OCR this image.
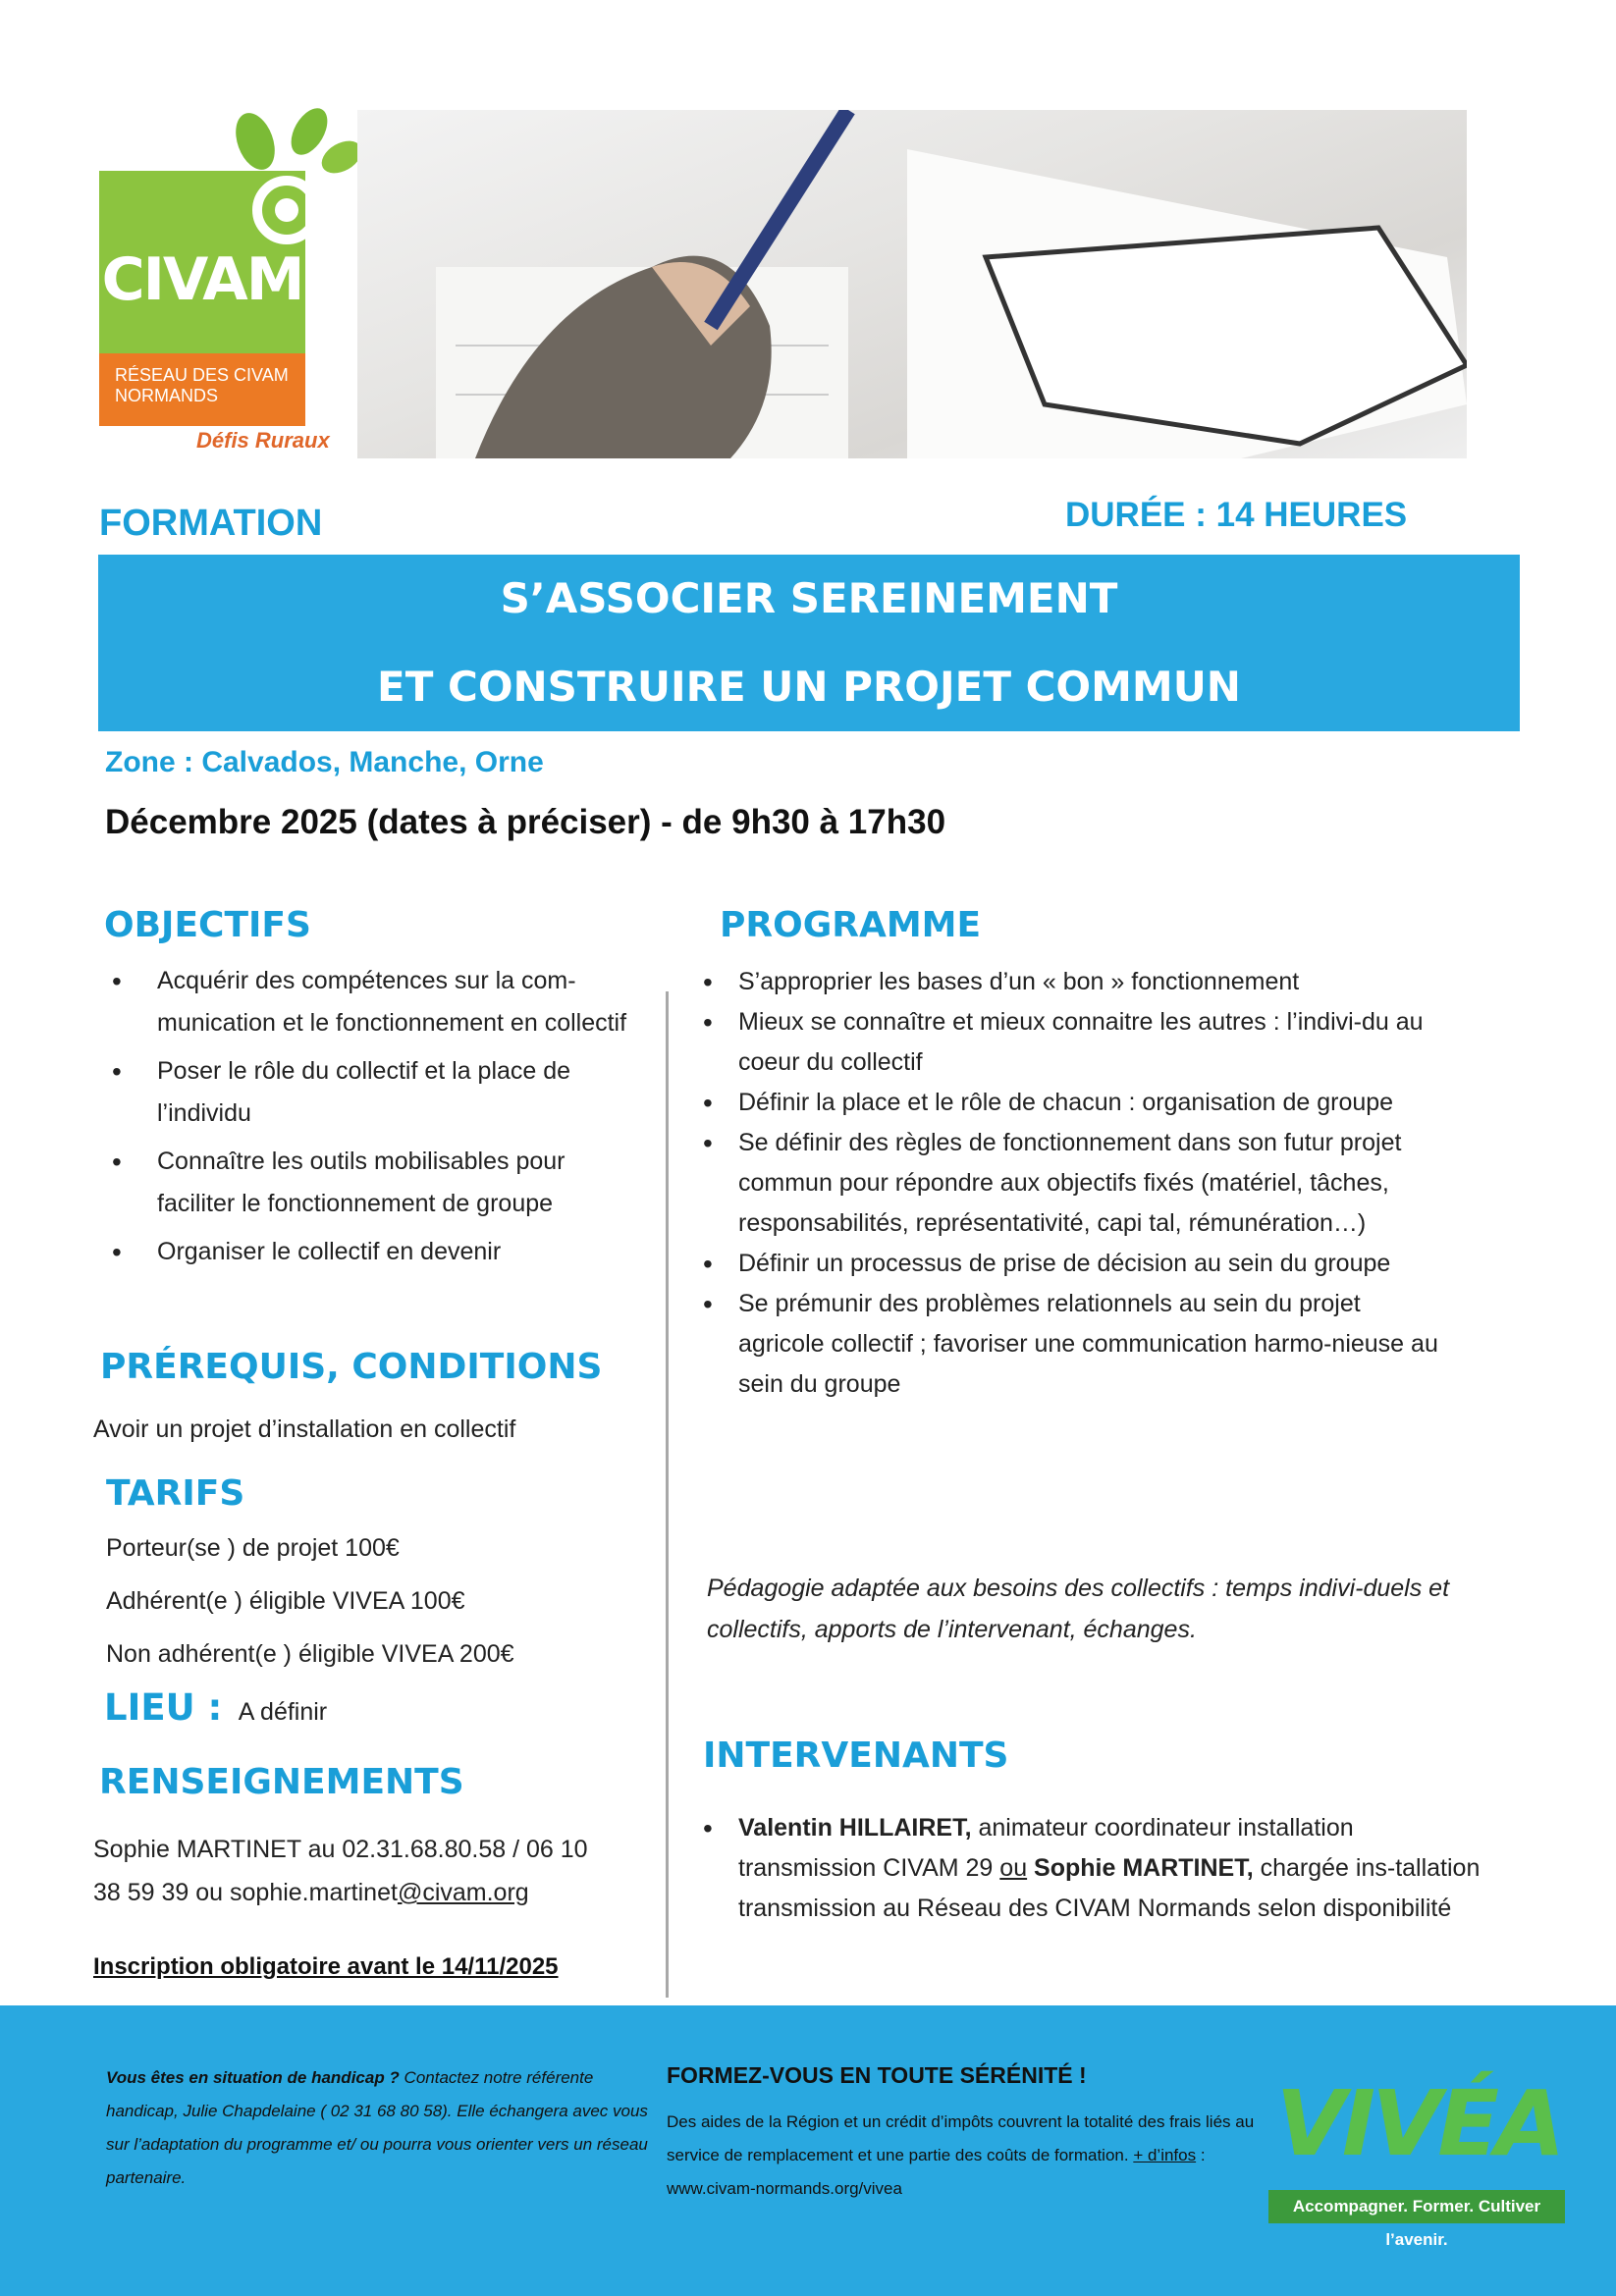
CIVAM
RÉSEAU DES CIVAM
NORMANDS
Défis Ruraux
FORMATION	DURÉE : 14 HEURES
S’ASSOCIER SEREINEMENT
ET CONSTRUIRE UN PROJET COMMUN
Zone : Calvados, Manche, Orne
Décembre 2025 (dates à préciser) - de 9h30 à 17h30
OBJECTIFS
• Acquérir des compétences sur la com-munication et le fonctionnement en collectif
• Poser le rôle du collectif et la place de l’individu
• Connaître les outils mobilisables pour faciliter le fonctionnement de groupe
• Organiser le collectif en devenir
PRÉREQUIS, CONDITIONS
Avoir un projet d’installation en collectif
TARIFS
Porteur(se ) de projet 100€
Adhérent(e ) éligible VIVEA 100€
Non adhérent(e ) éligible VIVEA 200€
LIEU : A définir
RENSEIGNEMENTS
Sophie MARTINET au 02.31.68.80.58 / 06 10
38 59 39 ou sophie.martinet@civam.org
Inscription obligatoire avant le 14/11/2025
PROGRAMME
• S’approprier les bases d’un « bon » fonctionnement
• Mieux se connaître et mieux connaitre les autres : l’indivi-du au coeur du collectif
• Définir la place et le rôle de chacun : organisation de groupe
• Se définir des règles de fonctionnement dans son futur projet commun pour répondre aux objectifs fixés (matériel, tâches, responsabilités, représentativité, capi tal, rémunération…)
• Définir un processus de prise de décision au sein du groupe
• Se prémunir des problèmes relationnels au sein du projet agricole collectif ; favoriser une communication harmo-nieuse au sein du groupe
Pédagogie adaptée aux besoins des collectifs : temps indivi-duels et collectifs, apports de l’intervenant, échanges.
INTERVENANTS
• Valentin HILLAIRET, animateur coordinateur installation transmission CIVAM 29 ou Sophie MARTINET, chargée ins-tallation transmission au Réseau des CIVAM Normands selon disponibilité
Vous êtes en situation de handicap ? Contactez notre référente handicap, Julie Chapdelaine ( 02 31 68 80 58). Elle échangera avec vous sur l’adaptation du programme et/ ou pourra vous orienter vers un réseau partenaire.
FORMEZ-VOUS EN TOUTE SÉRÉNITÉ !
Des aides de la Région et un crédit d’impôts couvrent la totalité des frais liés au service de remplacement et une partie des coûts de formation. + d’infos : www.civam-normands.org/vivea
VIVÉA
Accompagner. Former. Cultiver l’avenir.
